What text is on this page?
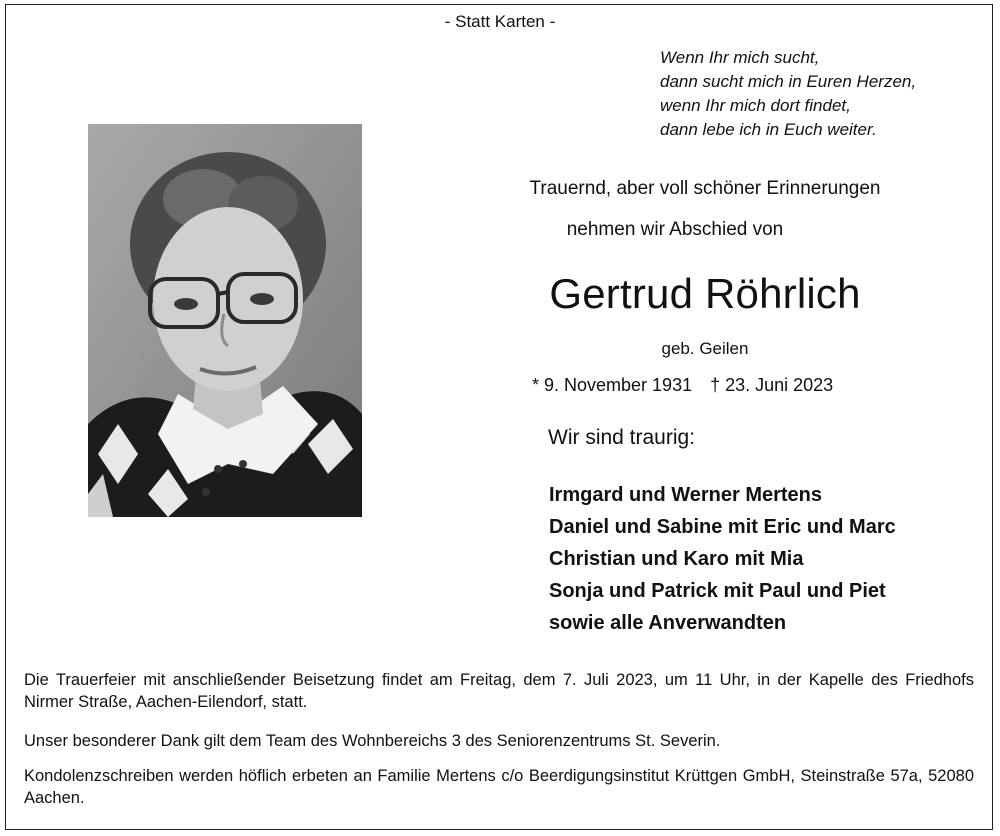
- Statt Karten -
Wenn Ihr mich sucht,
dann sucht mich in Euren Herzen,
wenn Ihr mich dort findet,
dann lebe ich in Euch weiter.
Trauernd, aber voll schöner Erinnerungen
nehmen wir Abschied von
Gertrud Röhrlich
geb. Geilen
* 9. November 1931 † 23. Juni 2023
Wir sind traurig:
Irmgard und Werner Mertens
Daniel und Sabine mit Eric und Marc
Christian und Karo mit Mia
Sonja und Patrick mit Paul und Piet
sowie alle Anverwandten
Die Trauerfeier mit anschließender Beisetzung findet am Freitag, dem 7. Juli 2023, um 11 Uhr, in der Kapelle des Friedhofs Nirmer Straße, Aachen-Eilendorf, statt.
Unser besonderer Dank gilt dem Team des Wohnbereichs 3 des Seniorenzentrums St. Severin.
Kondolenzschreiben werden höflich erbeten an Familie Mertens c/o Beerdigungsinstitut Krüttgen GmbH, Steinstraße 57a, 52080 Aachen.
